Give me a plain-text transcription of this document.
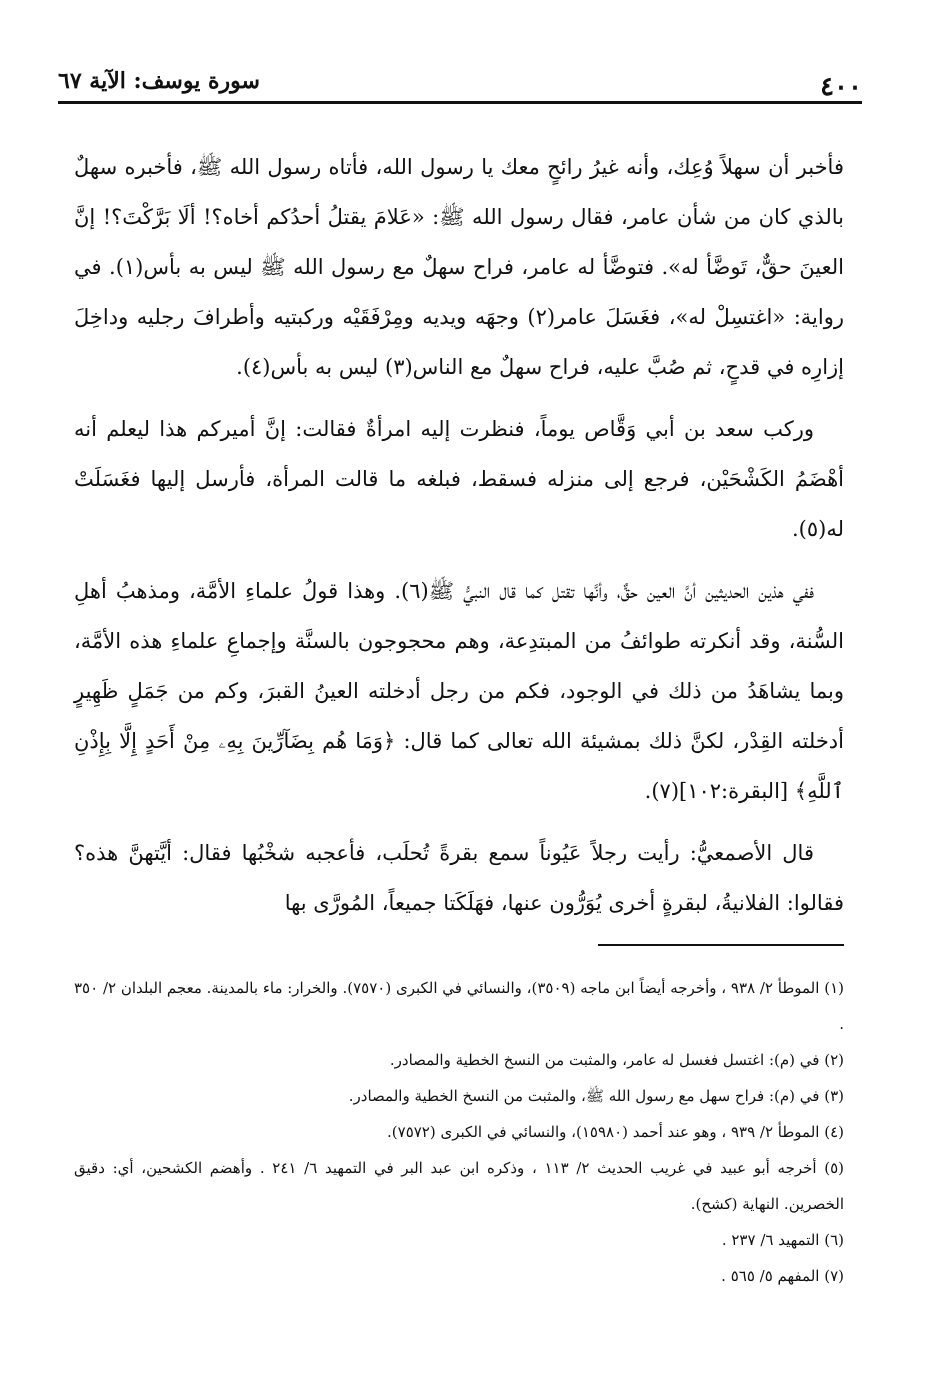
٤٠٠
سورة يوسف: الآية ٦٧

فأخبر أن سهلاً وُعِك، وأنه غيرُ رائحٍ معك يا رسول الله، فأتاه رسول الله ﷺ، فأخبره سهلٌ بالذي كان من شأن عامر، فقال رسول الله ﷺ: «عَلامَ يقتلُ أحدُكم أخاه؟! ألَا بَرَّكْتَ؟! إنَّ العينَ حقٌّ، تَوضَّأ له». فتوضَّأ له عامر، فراح سهلٌ مع رسول الله ﷺ ليس به بأس(١). في رواية: «اغتسِلْ له»، فغَسَلَ عامر(٢) وجهَه ويديه ومِرْفَقَيْه وركبتيه وأطرافَ رجليه وداخِلَ إزارِه في قدحٍ، ثم صُبَّ عليه، فراح سهلٌ مع الناس(٣) ليس به بأس(٤).

وركب سعد بن أبي وَقَّاص يوماً، فنظرت إليه امرأةٌ فقالت: إنَّ أميركم هذا ليعلم أنه أهْضَمُ الكَشْحَيْن، فرجع إلى منزله فسقط، فبلغه ما قالت المرأة، فأرسل إليها فغَسَلَتْ له(٥).

ففي هذين الحديثين أنَّ العين حقٌّ، وأنَّها تقتل كما قال النبيُّ ﷺ(٦). وهذا قولُ علماءِ الأمَّة، ومذهبُ أهلِ السُّنة، وقد أنكرته طوائفُ من المبتدِعة، وهم محجوجون بالسنَّة وإجماعِ علماءِ هذه الأمَّة، وبما يشاهَدُ من ذلك في الوجود، فكم من رجل أدخلته العينُ القبرَ، وكم من جَمَلٍ ظَهِيرٍ أدخلته القِدْر، لكنَّ ذلك بمشيئة الله تعالى كما قال: ﴿وَمَا هُم بِضَآرِّينَ بِهِۦ مِنْ أَحَدٍ إِلَّا بِإِذْنِ ٱللَّهِ﴾ [البقرة:١٠٢](٧).

قال الأصمعيُّ: رأيت رجلاً عَيُوناً سمع بقرةً تُحلَب، فأعجبه شخْبُها فقال: أيَّتهنَّ هذه؟ فقالوا: الفلانيةُ، لبقرةٍ أخرى يُوَرُّون عنها، فهَلَكَتا جميعاً، المُورَّى بها

(١) الموطأ ٢/ ٩٣٨ ، وأخرجه أيضاً ابن ماجه (٣٥٠٩)، والنسائي في الكبرى (٧٥٧٠). والخرار: ماء بالمدينة. معجم البلدان ٢/ ٣٥٠ .

(٢) في (م): اغتسل فغسل له عامر، والمثبت من النسخ الخطية والمصادر.

(٣) في (م): فراح سهل مع رسول الله ﷺ، والمثبت من النسخ الخطية والمصادر.

(٤) الموطأ ٢/ ٩٣٩ ، وهو عند أحمد (١٥٩٨٠)، والنسائي في الكبرى (٧٥٧٢).

(٥) أخرجه أبو عبيد في غريب الحديث ٢/ ١١٣ ، وذكره ابن عبد البر في التمهيد ٦/ ٢٤١ . وأهضم الكشحين، أي: دقيق الخصرين. النهاية (كشح).

(٦) التمهيد ٦/ ٢٣٧ .

(٧) المفهم ٥/ ٥٦٥ .
